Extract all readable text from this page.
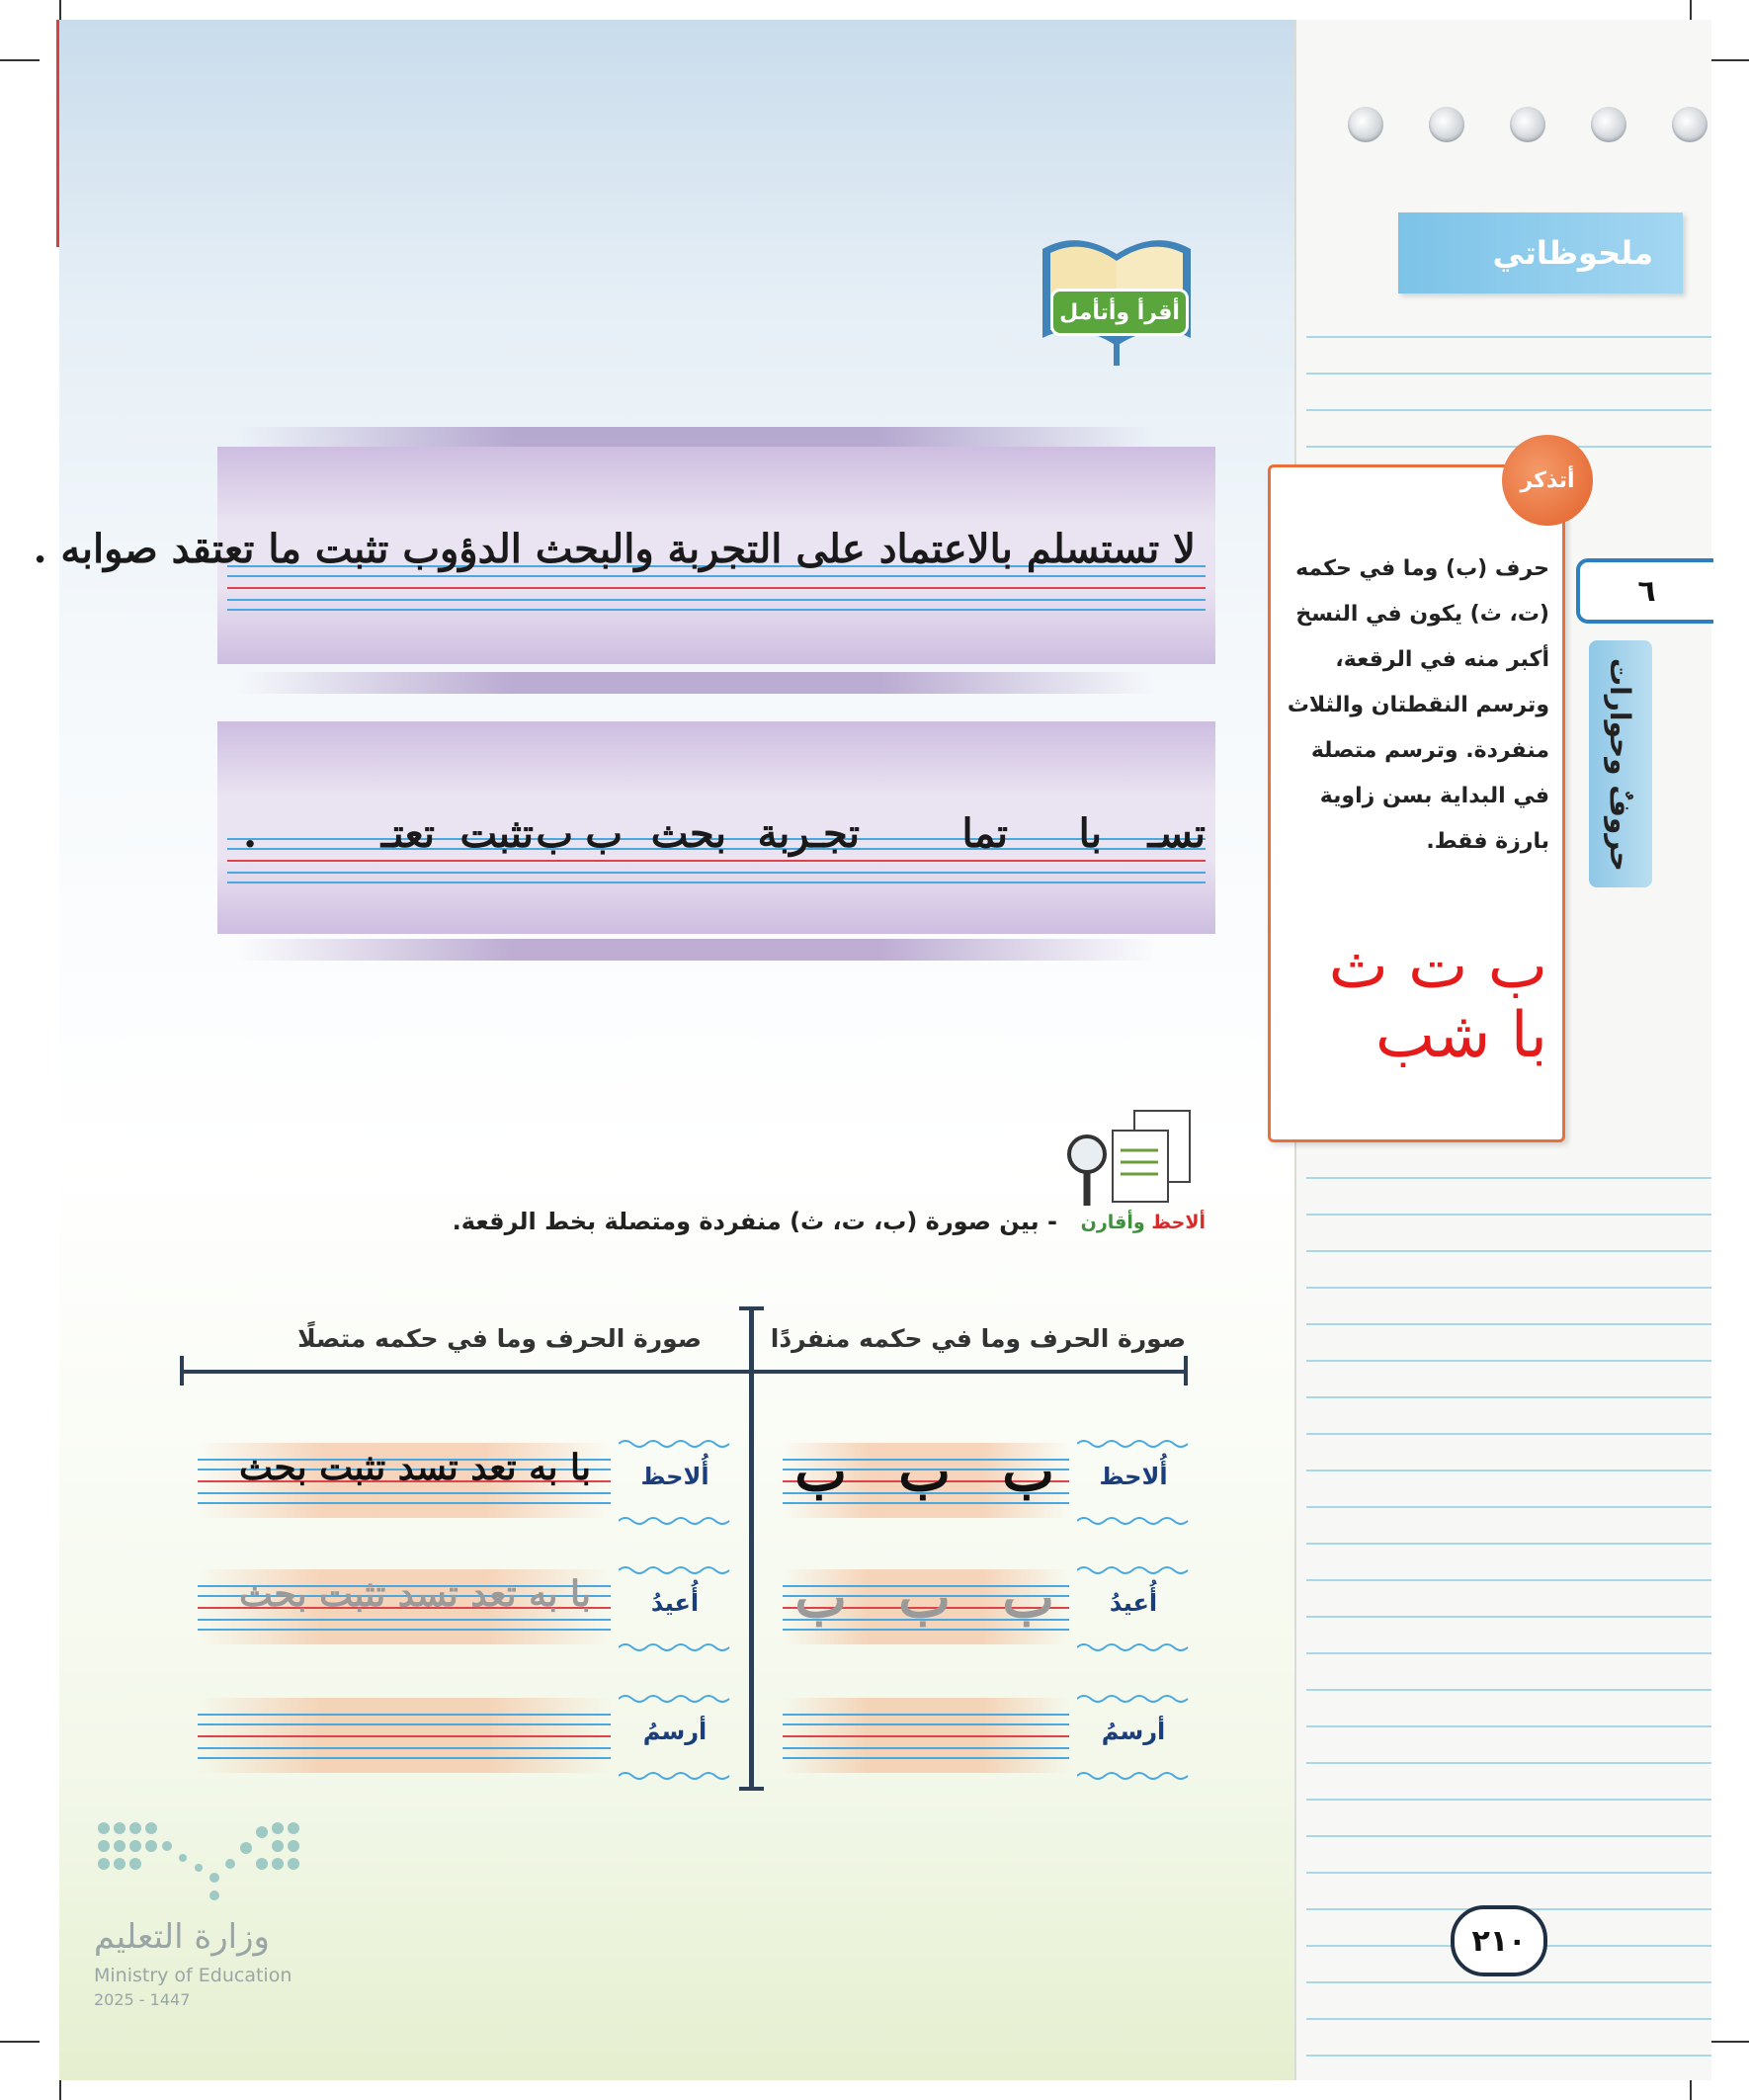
ملحوظاتي
أقرأ وأتأمل
لا تستسلم بالاعتماد على التجربة والبحث الدؤوب تثبت ما تعتقد صوابه .
تسـ
با
تما
تجـربة
بحث
ب
ب
تثبت
تعتـ
.
حرف (ب) وما في حكمه (ت، ث) يكون في النسخ أكبر منه في الرقعة، وترسم النقطتان والثلاث منفردة. وترسم متصلة في البداية بسن زاوية بارزة فقط.
ب ت ث
با شب
أتذكر
٦
حروفٌ وحوارات
ألاحظ وأقارن
- بين صورة (ب، ت، ث) منفردة ومتصلة بخط الرقعة.
صورة الحرف وما في حكمه منفردًا
صورة الحرف وما في حكمه متصلًا
أُلاحظ
أُلاحظ	ب
ب
ب
با به تعد تسد تثبت بحث
أُعيدُ
أُعيدُ	ب
ب
ب
با به تعد تسد تثبت بحث
أرسمُ
أرسمُ
٢١٠
وزارة التعليم
Ministry of Education
2025 - 1447
